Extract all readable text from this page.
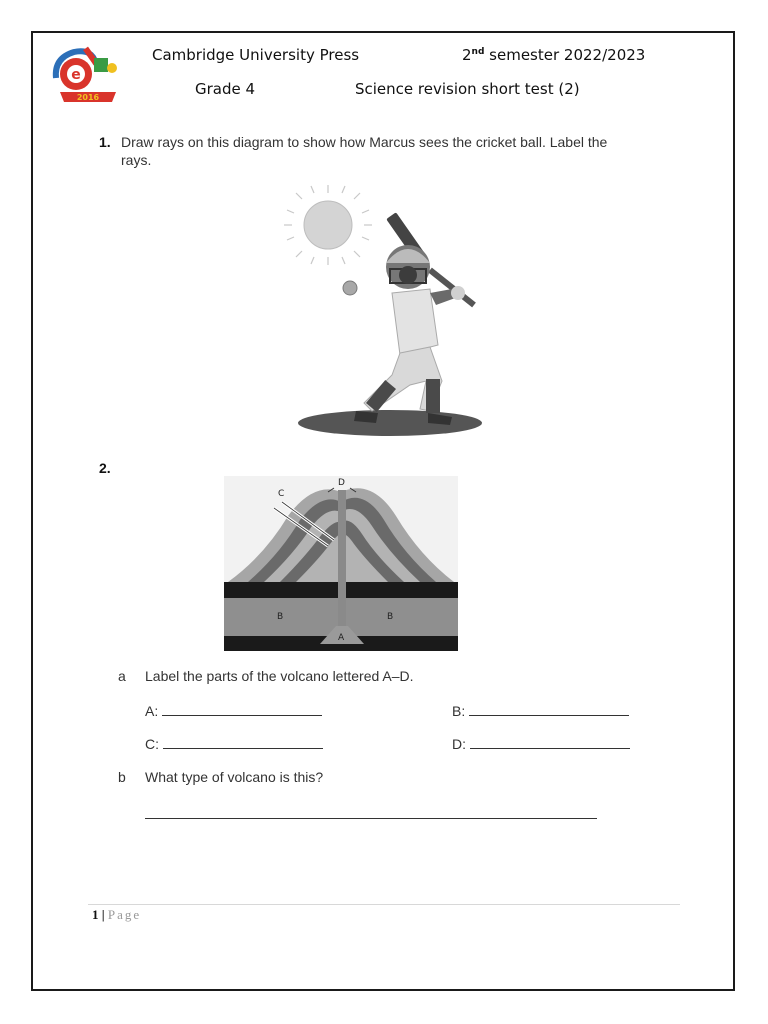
e
2016
Cambridge University Press	2nd semester 2022/2023
Grade 4	Science revision short test (2)
1. Draw rays on this diagram to show how Marcus sees the cricket ball. Label the
rays.
2.
D
C
B	B
A
a Label the parts of the volcano lettered A–D.
A:	B:
C:	D:
b What type of volcano is this?
1 | Page
